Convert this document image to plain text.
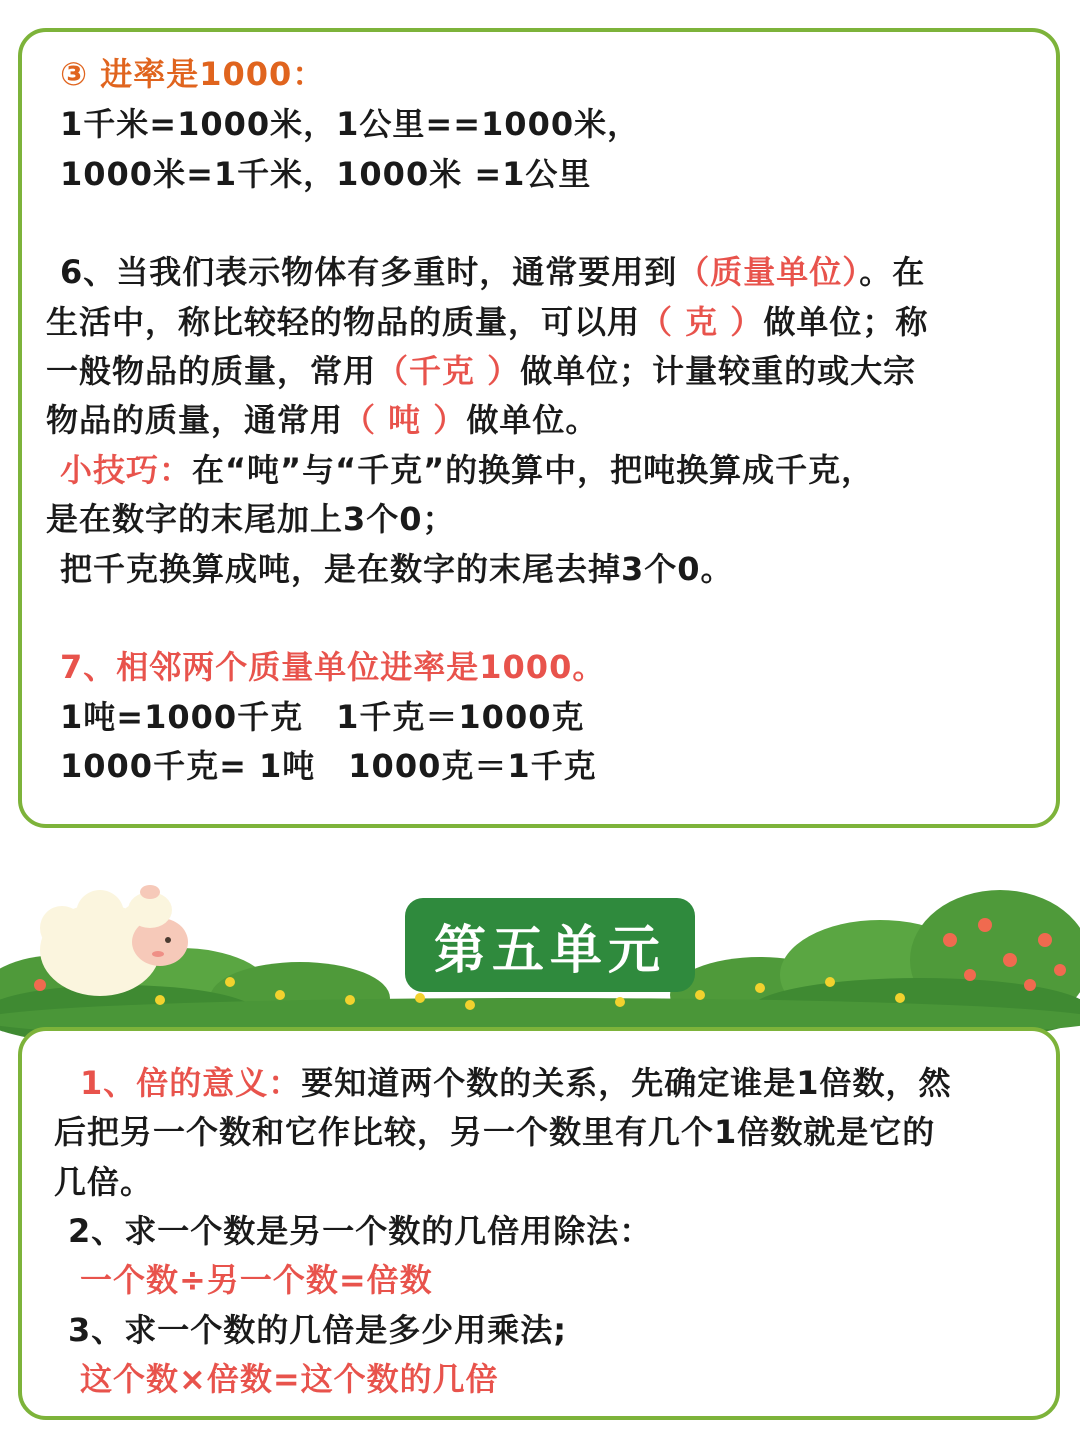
③ 进率是1000：
1千米=1000米，1公里==1000米，
1000米=1千米，1000米 =1公里
6、当我们表示物体有多重时，通常要用到（质量单位）。在
生活中，称比较轻的物品的质量，可以用（ 克 ）做单位；称
一般物品的质量，常用（千克 ）做单位；计量较重的或大宗
物品的质量，通常用（ 吨 ）做单位。
小技巧：在“吨”与“千克”的换算中，把吨换算成千克，
是在数字的末尾加上3个0；
把千克换算成吨，是在数字的末尾去掉3个0。
7、相邻两个质量单位进率是1000。
1吨=1000千克　1千克＝1000克
1000千克= 1吨　1000克＝1千克
第五单元
1、倍的意义：要知道两个数的关系，先确定谁是1倍数，然
后把另一个数和它作比较，另一个数里有几个1倍数就是它的
几倍。
2、求一个数是另一个数的几倍用除法：
一个数÷另一个数=倍数
3、求一个数的几倍是多少用乘法;
这个数×倍数=这个数的几倍
